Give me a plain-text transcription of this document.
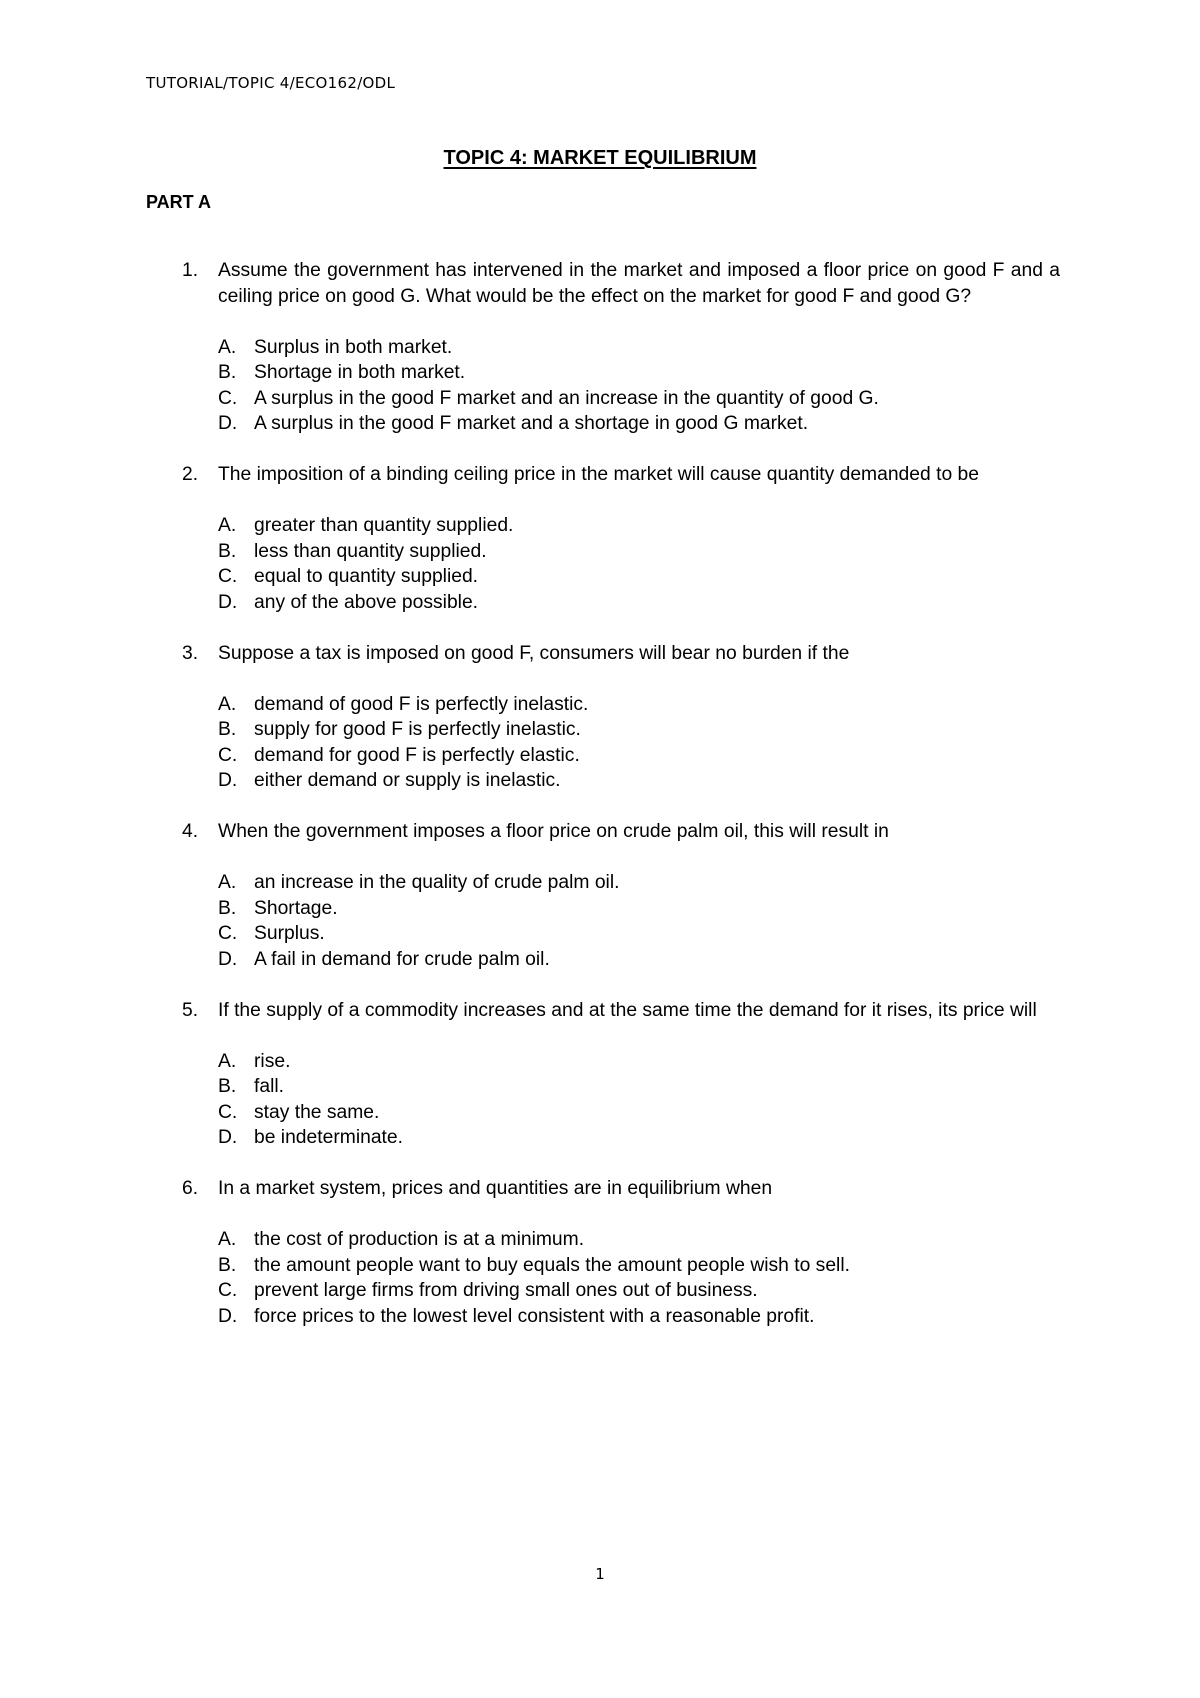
TUTORIAL/TOPIC 4/ECO162/ODL
TOPIC 4: MARKET EQUILIBRIUM
PART A
1. Assume the government has intervened in the market and imposed a floor price on good F and a ceiling price on good G. What would be the effect on the market for good F and good G?
A. Surplus in both market.
B. Shortage in both market.
C. A surplus in the good F market and an increase in the quantity of good G.
D. A surplus in the good F market and a shortage in good G market.
2. The imposition of a binding ceiling price in the market will cause quantity demanded to be
A. greater than quantity supplied.
B. less than quantity supplied.
C. equal to quantity supplied.
D. any of the above possible.
3. Suppose a tax is imposed on good F, consumers will bear no burden if the
A. demand of good F is perfectly inelastic.
B. supply for good F is perfectly inelastic.
C. demand for good F is perfectly elastic.
D. either demand or supply is inelastic.
4. When the government imposes a floor price on crude palm oil, this will result in
A. an increase in the quality of crude palm oil.
B. Shortage.
C. Surplus.
D. A fail in demand for crude palm oil.
5. If the supply of a commodity increases and at the same time the demand for it rises, its price will
A. rise.
B. fall.
C. stay the same.
D. be indeterminate.
6. In a market system, prices and quantities are in equilibrium when
A. the cost of production is at a minimum.
B. the amount people want to buy equals the amount people wish to sell.
C. prevent large firms from driving small ones out of business.
D. force prices to the lowest level consistent with a reasonable profit.
1
